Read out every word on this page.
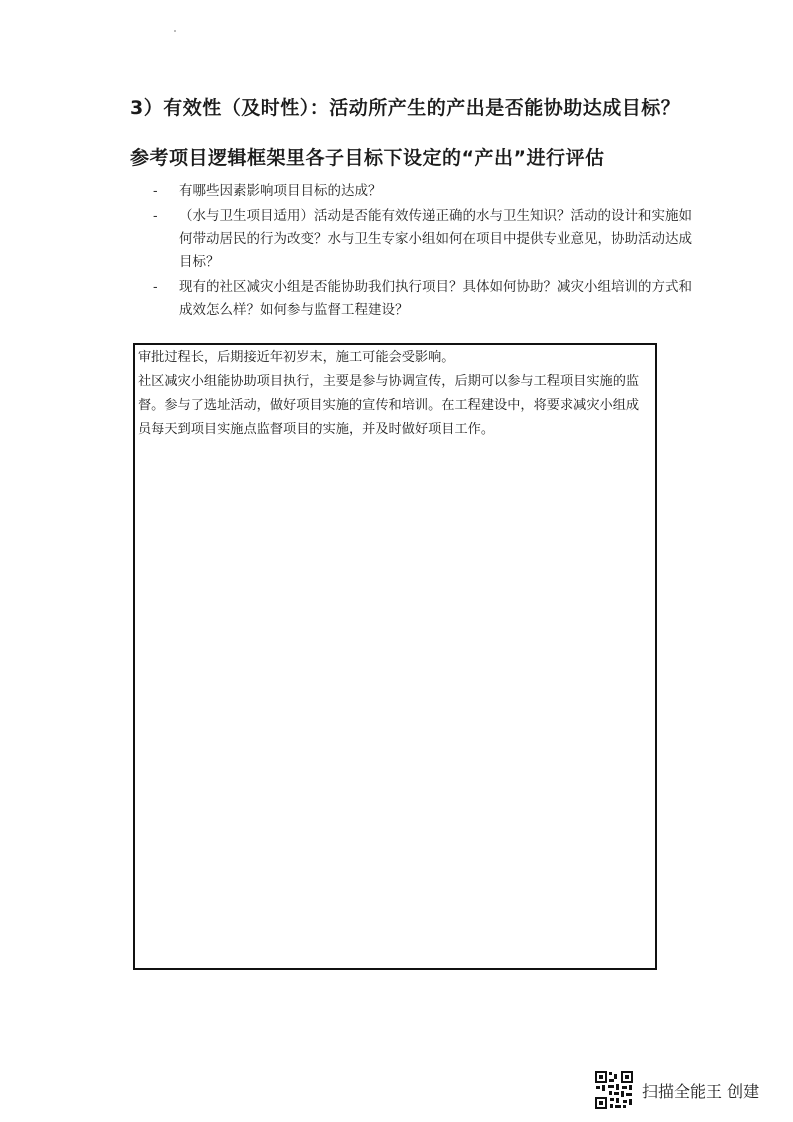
3）有效性（及时性）：活动所产生的产出是否能协助达成目标？
参考项目逻辑框架里各子目标下设定的“产出”进行评估
-	有哪些因素影响项目目标的达成？
-	（水与卫生项目适用）活动是否能有效传递正确的水与卫生知识？活动的设计和实施如何带动居民的行为改变？水与卫生专家小组如何在项目中提供专业意见，协助活动达成目标？
-	现有的社区减灾小组是否能协助我们执行项目？具体如何协助？减灾小组培训的方式和成效怎么样？如何参与监督工程建设？

审批过程长，后期接近年初岁末，施工可能会受影响。

社区减灾小组能协助项目执行，主要是参与协调宣传，后期可以参与工程项目实施的监督。参与了选址活动，做好项目实施的宣传和培训。在工程建设中，将要求减灾小组成员每天到项目实施点监督项目的实施，并及时做好项目工作。

扫描全能王 创建
